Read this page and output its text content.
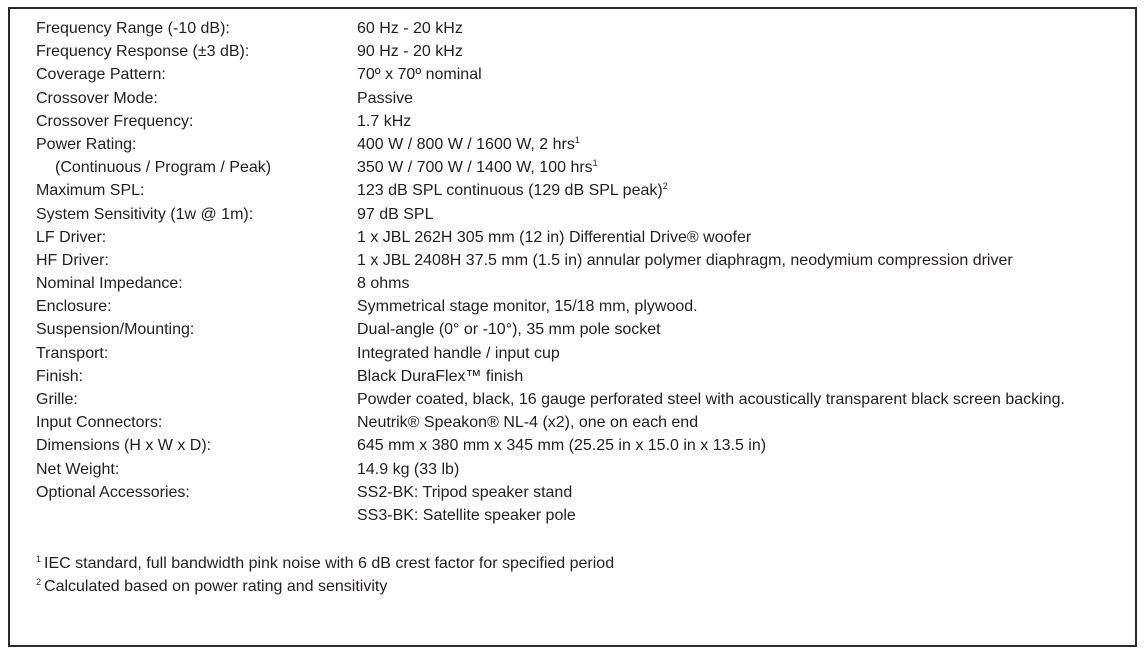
Frequency Range (-10 dB):	60 Hz - 20 kHz
Frequency Response (±3 dB):	90 Hz - 20 kHz
Coverage Pattern:	70º x 70º nominal
Crossover Mode:	Passive
Crossover Frequency:	1.7 kHz
Power Rating:	400 W / 800 W / 1600 W, 2 hrs$^1$
(Continuous / Program / Peak)	350 W / 700 W / 1400 W, 100 hrs$^1$
Maximum SPL:	123 dB SPL continuous (129 dB SPL peak)$^2$
System Sensitivity (1w @ 1m):	97 dB SPL
LF Driver:	1 x JBL 262H 305 mm (12 in) Differential Drive® woofer
HF Driver:	1 x JBL 2408H 37.5 mm (1.5 in) annular polymer diaphragm, neodymium compression driver
Nominal Impedance:	8 ohms
Enclosure:	Symmetrical stage monitor, 15/18 mm, plywood.
Suspension/Mounting:	Dual-angle (0° or -10°), 35 mm pole socket
Transport:	Integrated handle / input cup
Finish:	Black DuraFlex™ finish
Grille:	Powder coated, black, 16 gauge perforated steel with acoustically transparent black screen backing.
Input Connectors:	Neutrik® Speakon® NL-4 (x2), one on each end
Dimensions (H x W x D):	645 mm x 380 mm x 345 mm (25.25 in x 15.0 in x 13.5 in)
Net Weight:	14.9 kg (33 lb)
Optional Accessories:	SS2-BK: Tripod speaker stand
SS3-BK: Satellite speaker pole
$^1$ IEC standard, full bandwidth pink noise with 6 dB crest factor for specified period
$^2$ Calculated based on power rating and sensitivity
